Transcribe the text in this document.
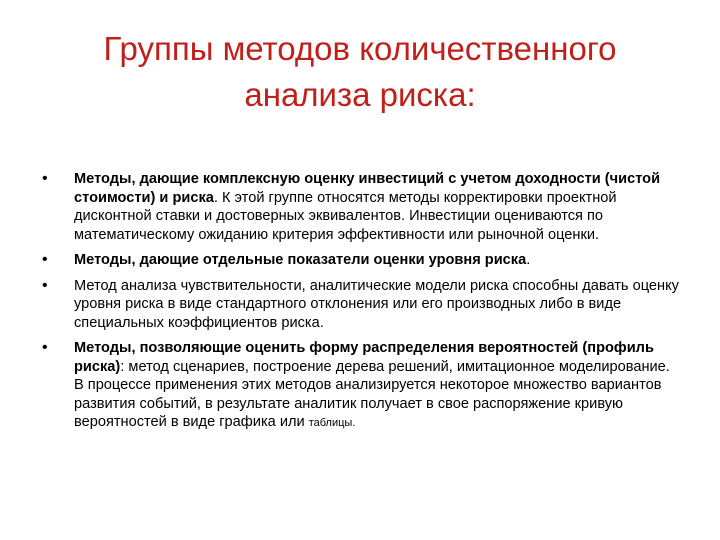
Группы методов количественного
анализа риска:
• Методы, дающие комплексную оценку инвестиций с учетом доходности (чистой стоимости) и риска. К этой группе относятся методы корректировки проектной дисконтной ставки и достоверных эквивалентов. Инвестиции оцениваются по математическому ожиданию критерия эффективности или рыночной оценки.
• Методы, дающие отдельные показатели оценки уровня риска.
• Метод анализа чувствительности, аналитические модели риска способны давать оценку уровня риска в виде стандартного отклонения или его производных либо в виде специальных коэффициентов риска.
• Методы, позволяющие оценить форму распределения вероятностей (профиль риска): метод сценариев, построение дерева решений, имитационное моделирование. В процессе применения этих методов анализируется некоторое множество вариантов развития событий, в результате аналитик получает в свое распоряжение кривую вероятностей в виде графика или таблицы.
